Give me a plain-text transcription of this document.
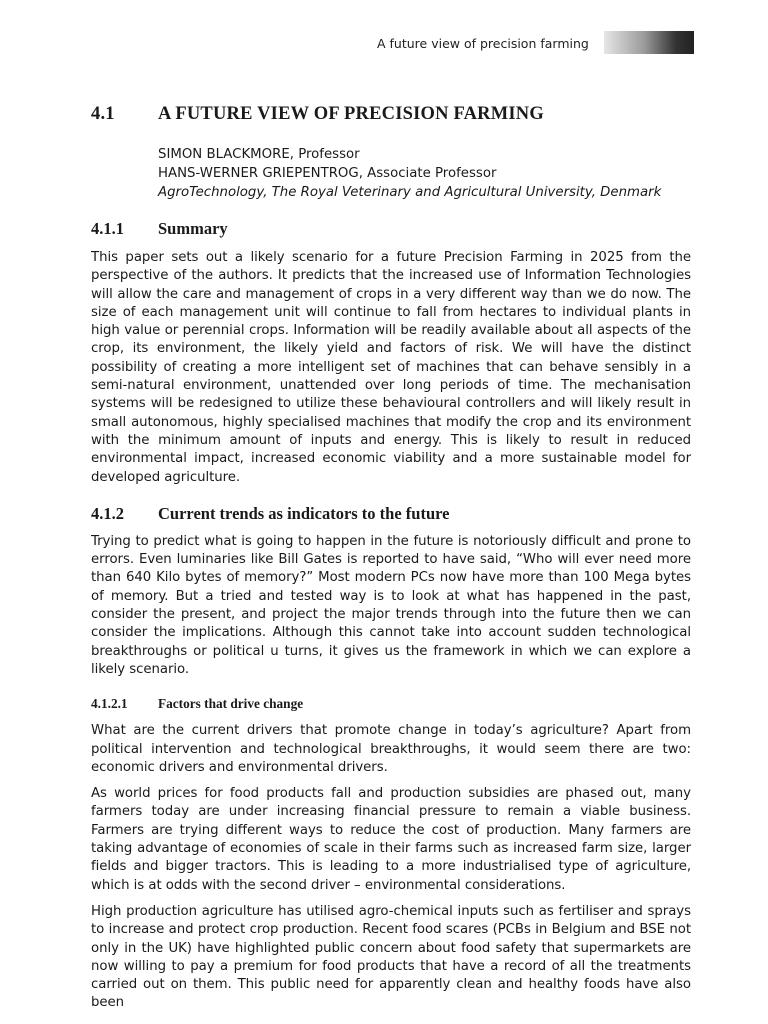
A future view of precision farming
4.1	A FUTURE VIEW OF PRECISION FARMING
SIMON BLACKMORE, Professor
HANS-WERNER GRIEPENTROG, Associate Professor
AgroTechnology, The Royal Veterinary and Agricultural University, Denmark
4.1.1	Summary

This paper sets out a likely scenario for a future Precision Farming in 2025 from the perspective of the authors. It predicts that the increased use of Information Technologies will allow the care and management of crops in a very different way than we do now. The size of each management unit will continue to fall from hectares to individual plants in high value or perennial crops. Information will be readily available about all aspects of the crop, its environment, the likely yield and factors of risk. We will have the distinct possibility of creating a more intelligent set of machines that can behave sensibly in a semi-natural environment, unattended over long periods of time. The mechanisation systems will be redesigned to utilize these behavioural controllers and will likely result in small autonomous, highly specialised machines that modify the crop and its environment with the minimum amount of inputs and energy. This is likely to result in reduced environmental impact, increased economic viability and a more sustainable model for developed agriculture.

4.1.2	Current trends as indicators to the future

Trying to predict what is going to happen in the future is notoriously difficult and prone to errors. Even luminaries like Bill Gates is reported to have said, “Who will ever need more than 640 Kilo bytes of memory?” Most modern PCs now have more than 100 Mega bytes of memory. But a tried and tested way is to look at what has happened in the past, consider the present, and project the major trends through into the future then we can consider the implications. Although this cannot take into account sudden technological breakthroughs or political u turns, it gives us the framework in which we can explore a likely scenario.

4.1.2.1	Factors that drive change

What are the current drivers that promote change in today’s agriculture? Apart from political intervention and technological breakthroughs, it would seem there are two: economic drivers and environmental drivers.

As world prices for food products fall and production subsidies are phased out, many farmers today are under increasing financial pressure to remain a viable business. Farmers are trying different ways to reduce the cost of production. Many farmers are taking advantage of economies of scale in their farms such as increased farm size, larger fields and bigger tractors. This is leading to a more industrialised type of agriculture, which is at odds with the second driver – environmental considerations.

High production agriculture has utilised agro-chemical inputs such as fertiliser and sprays to increase and protect crop production. Recent food scares (PCBs in Belgium and BSE not only in the UK) have highlighted public concern about food safety that supermarkets are now willing to pay a premium for food products that have a record of all the treatments carried out on them. This public need for apparently clean and healthy foods have also been
